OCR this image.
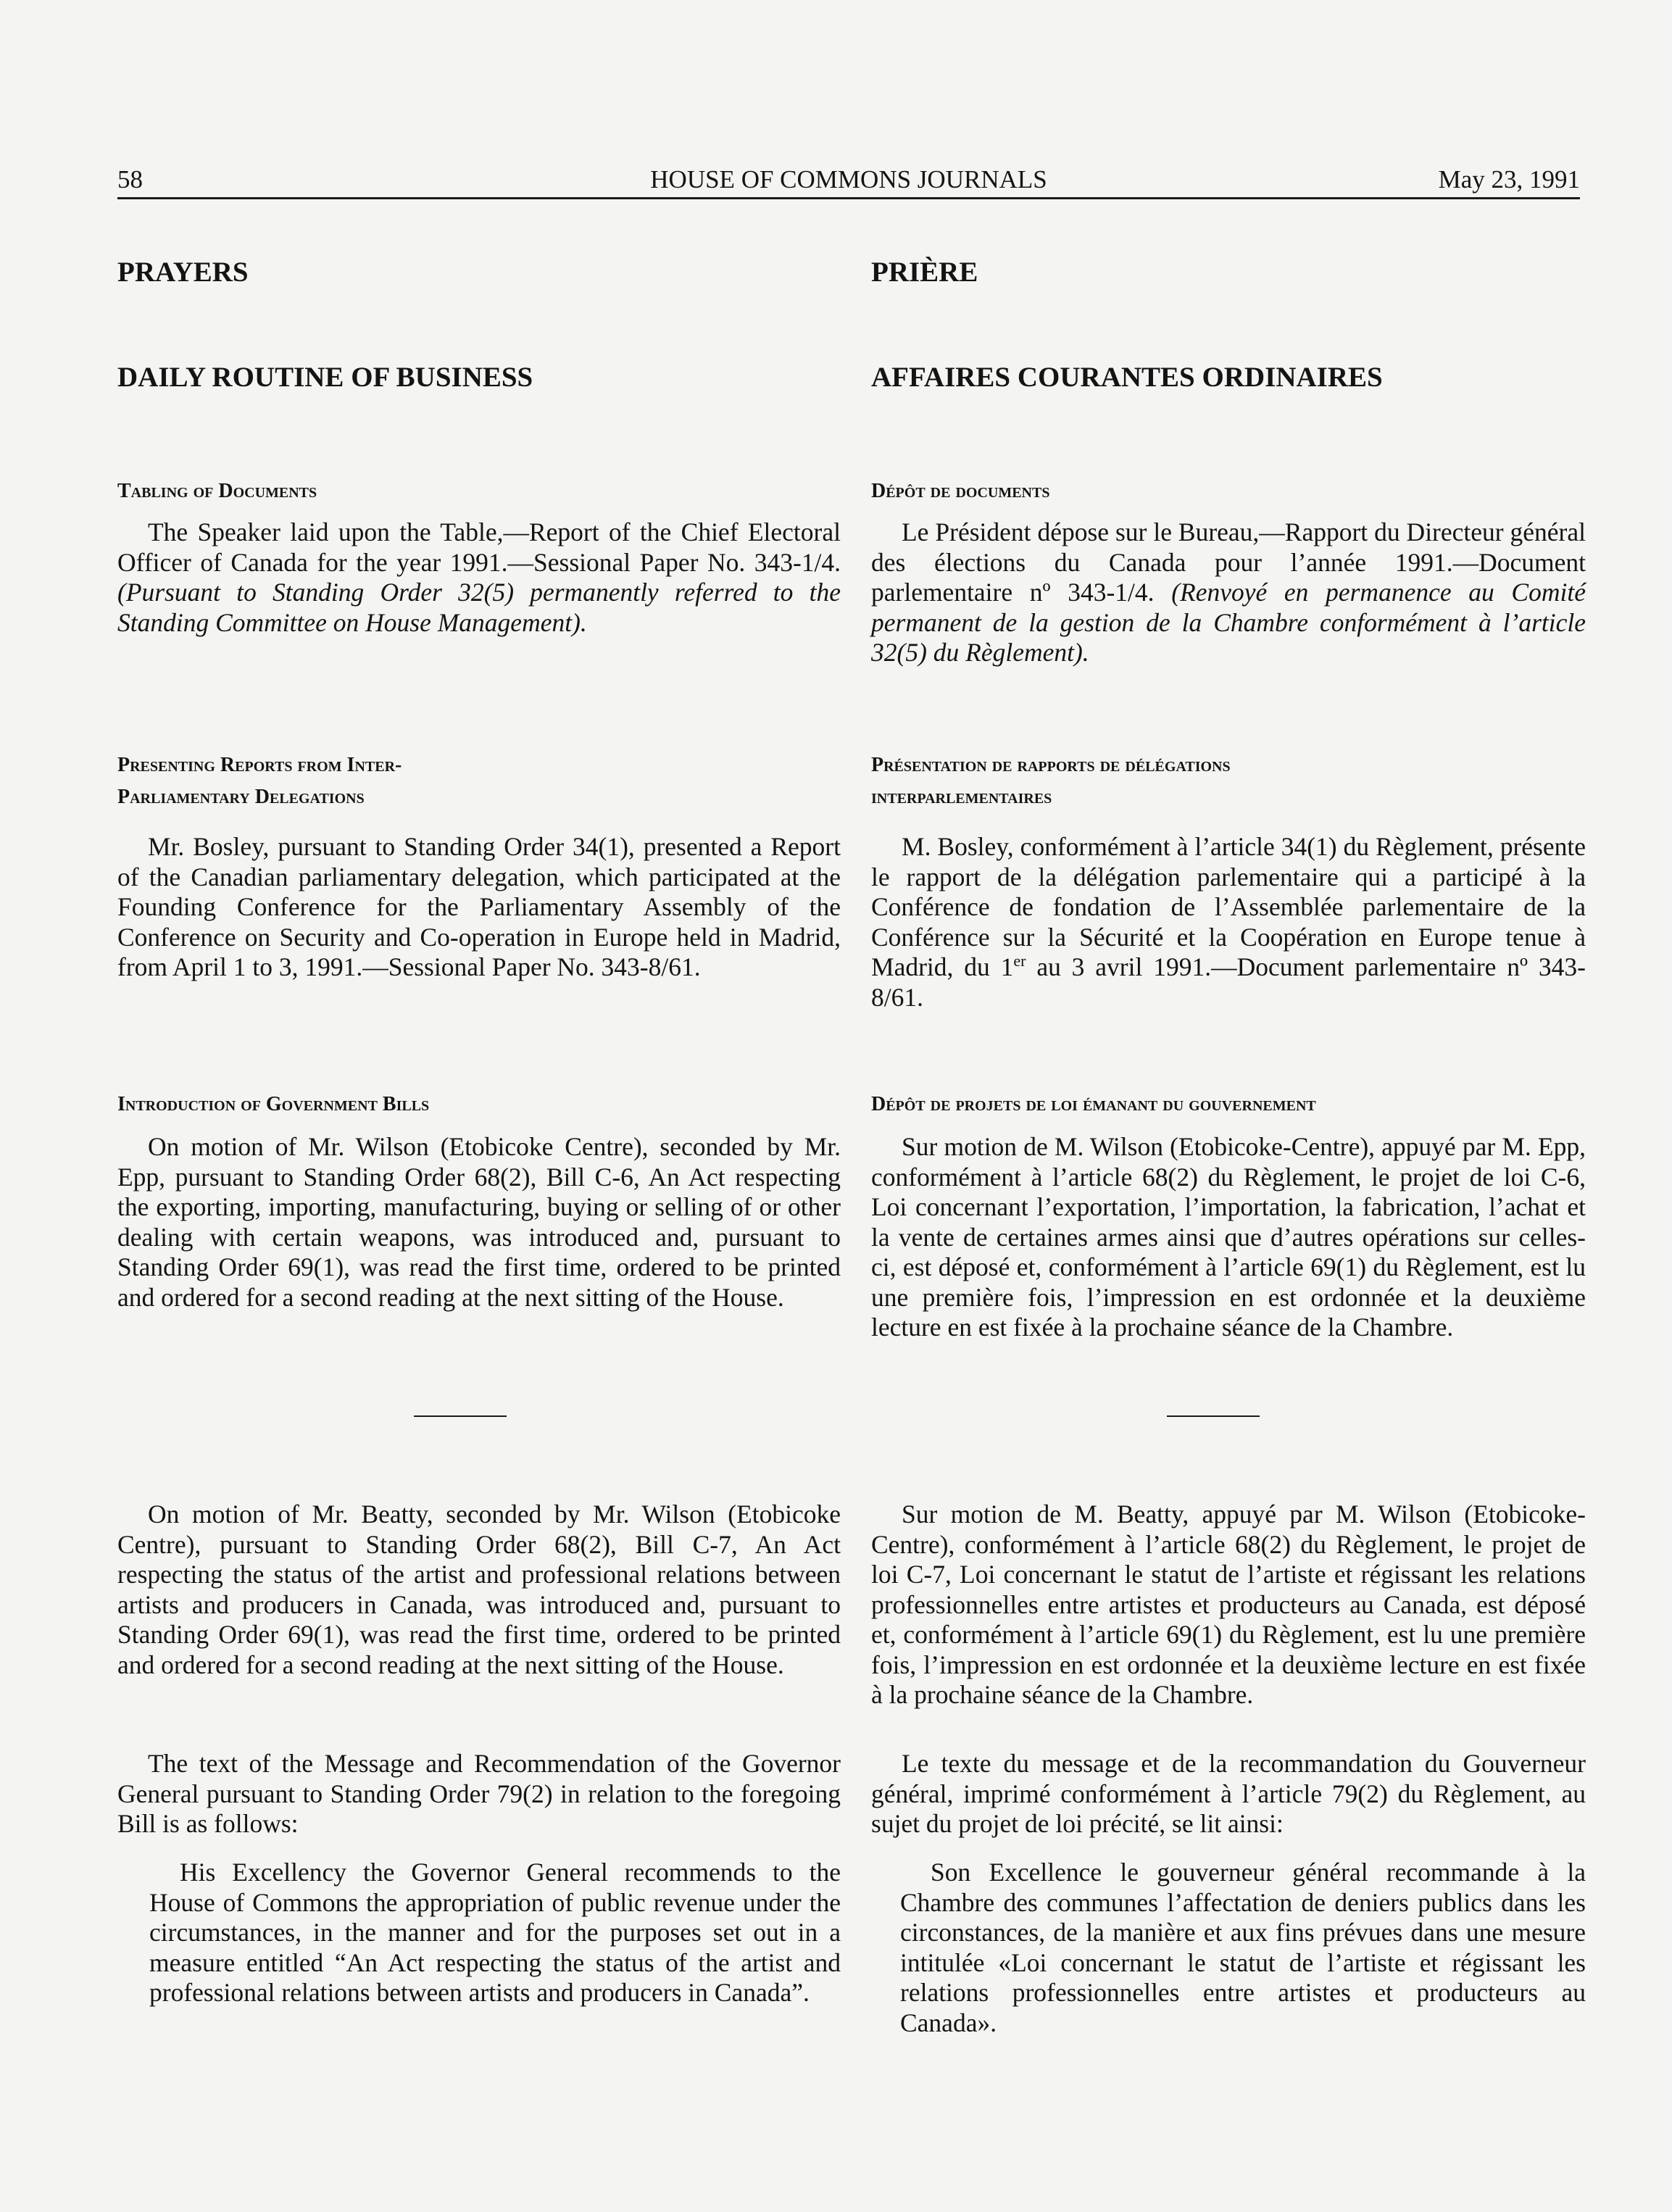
58	HOUSE OF COMMONS JOURNALS	May 23, 1991
PRAYERS
DAILY ROUTINE OF BUSINESS
Tabling of Documents

The Speaker laid upon the Table,—Report of the Chief Electoral Officer of Canada for the year 1991.—Sessional Paper No. 343-1/4. (Pursuant to Standing Order 32(5) permanently referred to the Standing Committee on House Management).

Presenting Reports from Inter-
Parliamentary Delegations

Mr. Bosley, pursuant to Standing Order 34(1), presented a Report of the Canadian parliamentary delegation, which participated at the Founding Conference for the Parliamentary Assembly of the Conference on Security and Co-operation in Europe held in Madrid, from April 1 to 3, 1991.—Sessional Paper No. 343-8/61.

Introduction of Government Bills

On motion of Mr. Wilson (Etobicoke Centre), seconded by Mr. Epp, pursuant to Standing Order 68(2), Bill C-6, An Act respecting the exporting, importing, manufacturing, buying or selling of or other dealing with certain weapons, was introduced and, pursuant to Standing Order 69(1), was read the first time, ordered to be printed and ordered for a second reading at the next sitting of the House.

On motion of Mr. Beatty, seconded by Mr. Wilson (Etobicoke Centre), pursuant to Standing Order 68(2), Bill C-7, An Act respecting the status of the artist and professional relations between artists and producers in Canada, was introduced and, pursuant to Standing Order 69(1), was read the first time, ordered to be printed and ordered for a second reading at the next sitting of the House.

The text of the Message and Recommendation of the Governor General pursuant to Standing Order 79(2) in relation to the foregoing Bill is as follows:

His Excellency the Governor General recommends to the House of Commons the appropriation of public revenue under the circumstances, in the manner and for the purposes set out in a measure entitled “An Act respecting the status of the artist and professional relations between artists and producers in Canada”.

PRIÈRE
AFFAIRES COURANTES ORDINAIRES
Dépôt de documents

Le Président dépose sur le Bureau,—Rapport du Directeur général des élections du Canada pour l’année 1991.—Document parlementaire nº 343-1/4. (Renvoyé en permanence au Comité permanent de la gestion de la Chambre conformément à l’article 32(5) du Règlement).

Présentation de rapports de délégations
interparlementaires

M. Bosley, conformément à l’article 34(1) du Règlement, présente le rapport de la délégation parlementaire qui a participé à la Conférence de fondation de l’Assemblée parlementaire de la Conférence sur la Sécurité et la Coopération en Europe tenue à Madrid, du 1er au 3 avril 1991.—Document parlementaire nº 343-8/61.

Dépôt de projets de loi émanant du gouvernement

Sur motion de M. Wilson (Etobicoke-Centre), appuyé par M. Epp, conformément à l’article 68(2) du Règlement, le projet de loi C-6, Loi concernant l’exportation, l’importation, la fabrication, l’achat et la vente de certaines armes ainsi que d’autres opérations sur celles-ci, est déposé et, conformément à l’article 69(1) du Règlement, est lu une première fois, l’impression en est ordonnée et la deuxième lecture en est fixée à la prochaine séance de la Chambre.

Sur motion de M. Beatty, appuyé par M. Wilson (Etobicoke-Centre), conformément à l’article 68(2) du Règlement, le projet de loi C-7, Loi concernant le statut de l’artiste et régissant les relations professionnelles entre artistes et producteurs au Canada, est déposé et, conformément à l’article 69(1) du Règlement, est lu une première fois, l’impression en est ordonnée et la deuxième lecture en est fixée à la prochaine séance de la Chambre.

Le texte du message et de la recommandation du Gouverneur général, imprimé conformément à l’article 79(2) du Règlement, au sujet du projet de loi précité, se lit ainsi:

Son Excellence le gouverneur général recommande à la Chambre des communes l’affectation de deniers publics dans les circonstances, de la manière et aux fins prévues dans une mesure intitulée «Loi concernant le statut de l’artiste et régissant les relations professionnelles entre artistes et producteurs au Canada».
